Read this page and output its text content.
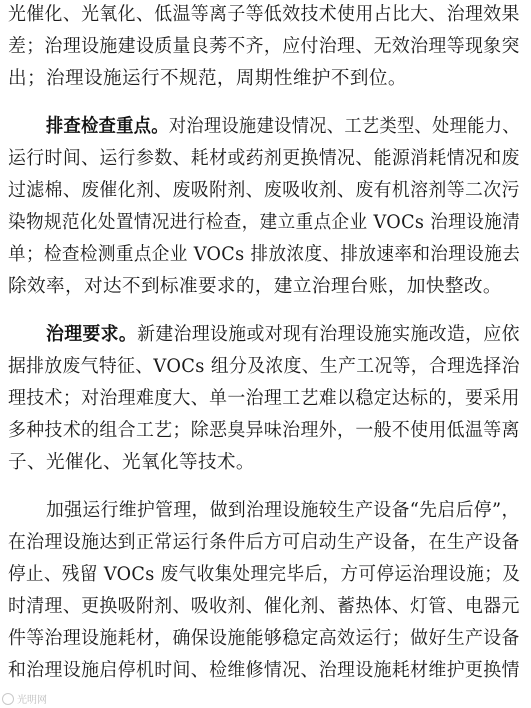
光催化、光氧化、低温等离子等低效技术使用占比大、治理效果
差；治理设施建设质量良莠不齐，应付治理、无效治理等现象突
出；治理设施运行不规范，周期性维护不到位。
排查检查重点。对治理设施建设情况、工艺类型、处理能力、
运行时间、运行参数、耗材或药剂更换情况、能源消耗情况和废
过滤棉、废催化剂、废吸附剂、废吸收剂、废有机溶剂等二次污
染物规范化处置情况进行检查，建立重点企业 VOCs 治理设施清
单；检查检测重点企业 VOCs 排放浓度、排放速率和治理设施去
除效率，对达不到标准要求的，建立治理台账，加快整改。
治理要求。新建治理设施或对现有治理设施实施改造，应依
据排放废气特征、VOCs 组分及浓度、生产工况等，合理选择治
理技术；对治理难度大、单一治理工艺难以稳定达标的，要采用
多种技术的组合工艺；除恶臭异味治理外，一般不使用低温等离
子、光催化、光氧化等技术。
加强运行维护管理，做到治理设施较生产设备“先启后停”，
在治理设施达到正常运行条件后方可启动生产设备，在生产设备
停止、残留 VOCs 废气收集处理完毕后，方可停运治理设施；及
时清理、更换吸附剂、吸收剂、催化剂、蓄热体、灯管、电器元
件等治理设施耗材，确保设施能够稳定高效运行；做好生产设备
和治理设施启停机时间、检维修情况、治理设施耗材维护更换情
光明网
